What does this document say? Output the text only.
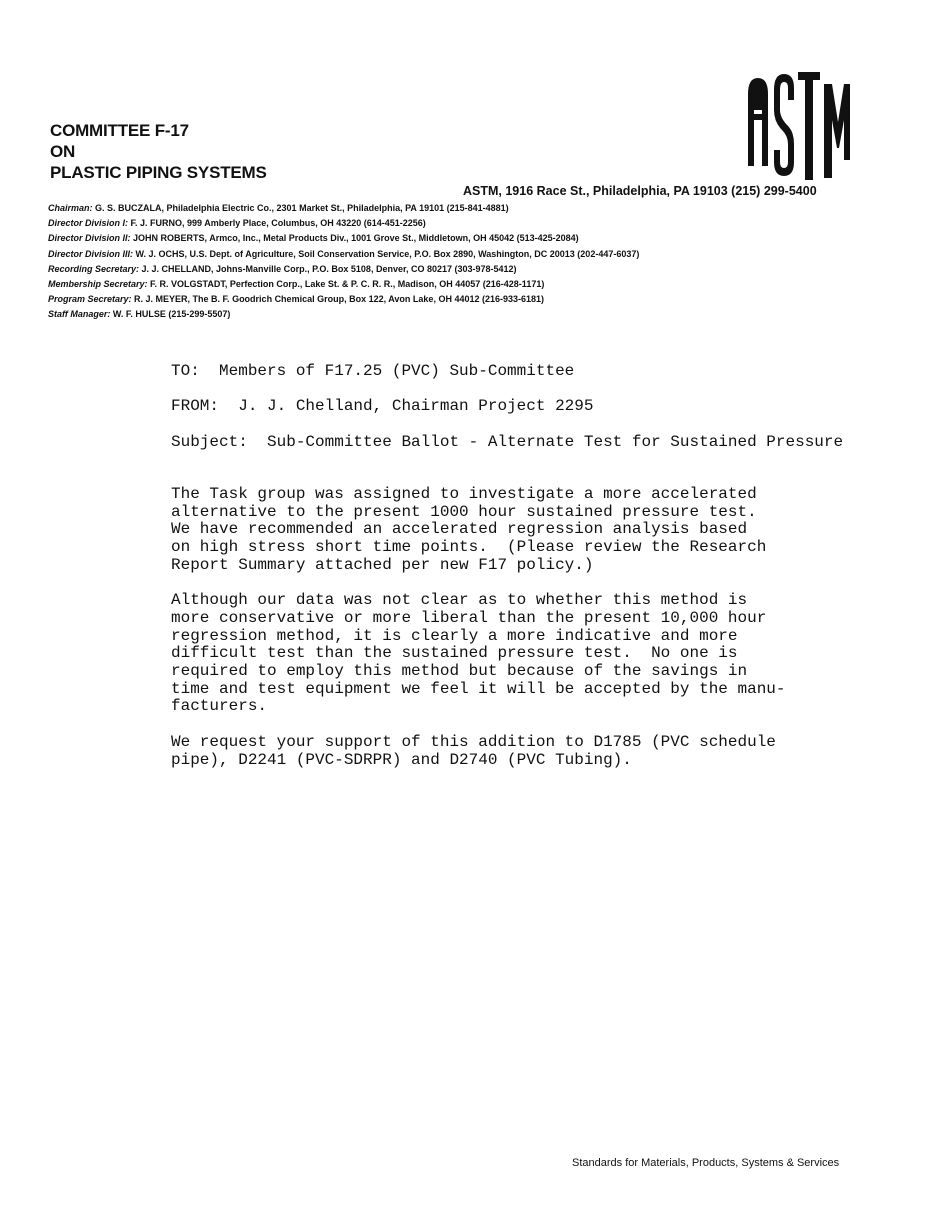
COMMITTEE F-17
ON
PLASTIC PIPING SYSTEMS
ASTM, 1916 Race St., Philadelphia, PA 19103 (215) 299-5400
Chairman: G. S. BUCZALA, Philadelphia Electric Co., 2301 Market St., Philadelphia, PA 19101 (215-841-4881)
Director Division I: F. J. FURNO, 999 Amberly Place, Columbus, OH 43220 (614-451-2256)
Director Division II: JOHN ROBERTS, Armco, Inc., Metal Products Div., 1001 Grove St., Middletown, OH 45042 (513-425-2084)
Director Division III: W. J. OCHS, U.S. Dept. of Agriculture, Soil Conservation Service, P.O. Box 2890, Washington, DC 20013 (202-447-6037)
Recording Secretary: J. J. CHELLAND, Johns-Manville Corp., P.O. Box 5108, Denver, CO 80217 (303-978-5412)
Membership Secretary: F. R. VOLGSTADT, Perfection Corp., Lake St. & P. C. R. R., Madison, OH 44057 (216-428-1171)
Program Secretary: R. J. MEYER, The B. F. Goodrich Chemical Group, Box 122, Avon Lake, OH 44012 (216-933-6181)
Staff Manager: W. F. HULSE (215-299-5507)
TO:  Members of F17.25 (PVC) Sub-Committee
FROM:  J. J. Chelland, Chairman Project 2295
Subject:  Sub-Committee Ballot - Alternate Test for Sustained Pressure
The Task group was assigned to investigate a more accelerated
alternative to the present 1000 hour sustained pressure test.
We have recommended an accelerated regression analysis based
on high stress short time points.  (Please review the Research
Report Summary attached per new F17 policy.)
Although our data was not clear as to whether this method is
more conservative or more liberal than the present 10,000 hour
regression method, it is clearly a more indicative and more
difficult test than the sustained pressure test.  No one is
required to employ this method but because of the savings in
time and test equipment we feel it will be accepted by the manu-
facturers.
We request your support of this addition to D1785 (PVC schedule
pipe), D2241 (PVC-SDRPR) and D2740 (PVC Tubing).
Standards for Materials, Products, Systems & Services
